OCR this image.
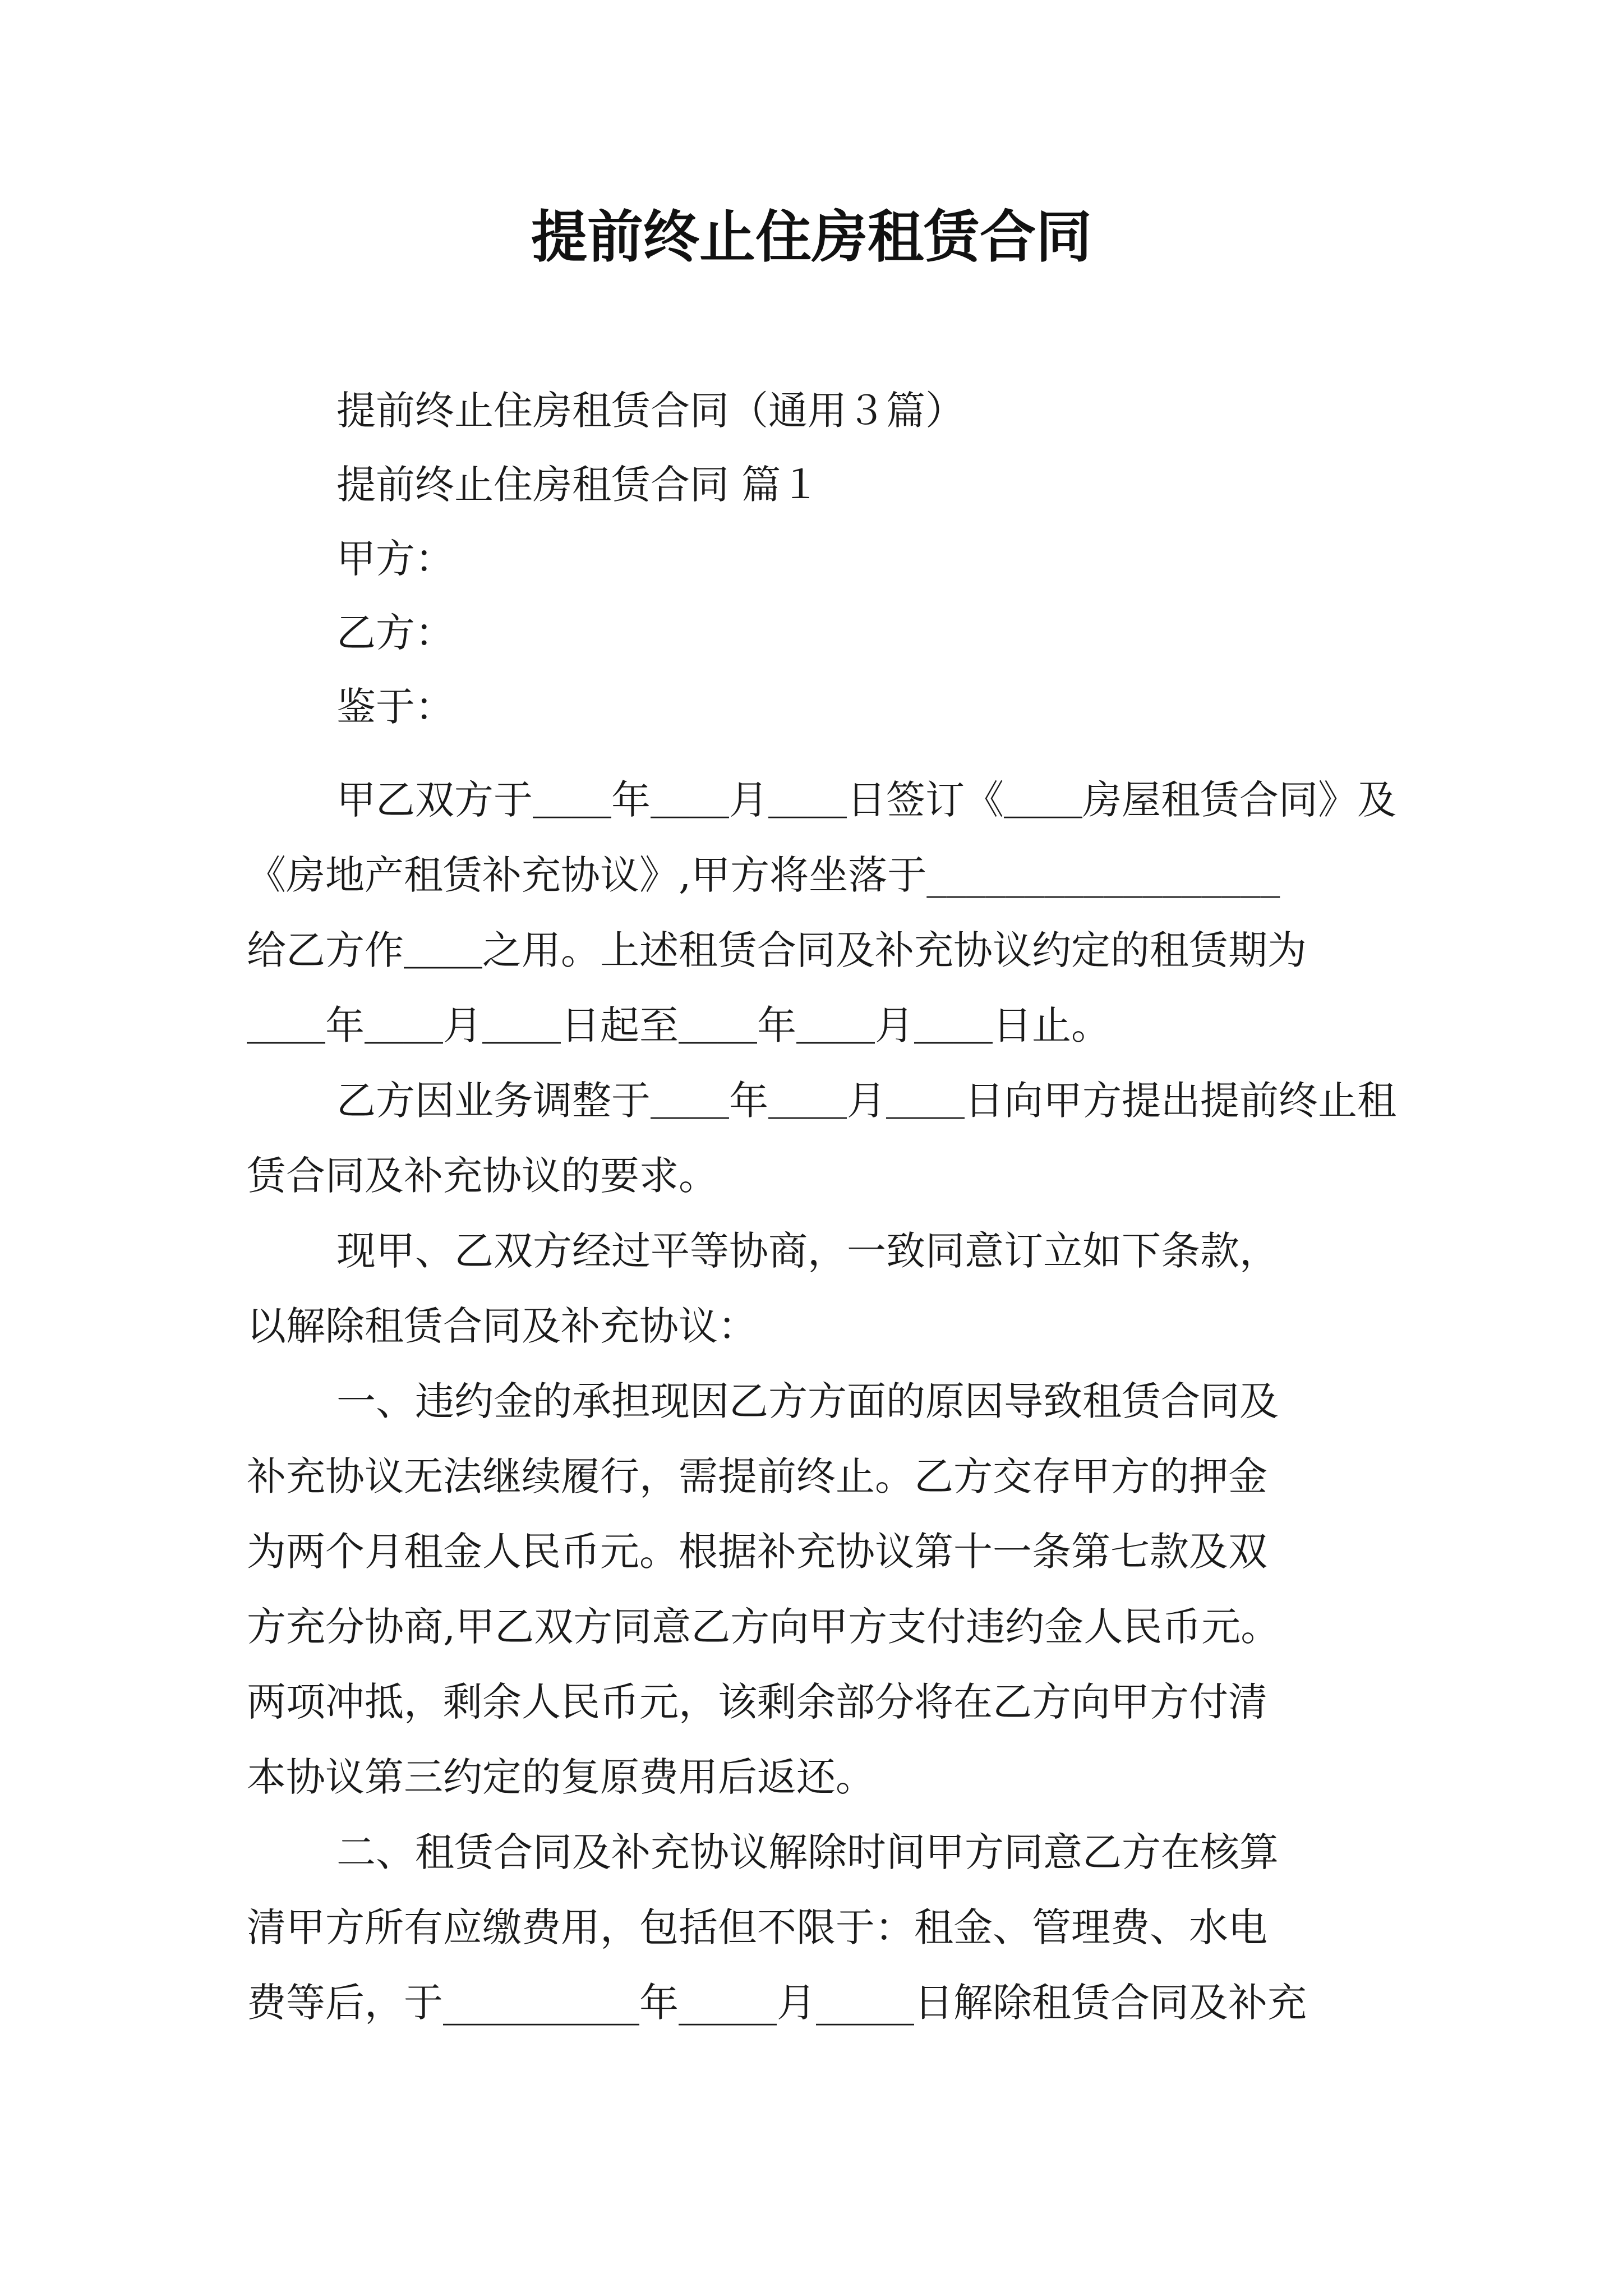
提前终止住房租赁合同
提前终止住房租赁合同（通用３篇）
提前终止住房租赁合同 篇１
甲方：
乙方：
鉴于：
甲乙双方于＿＿年＿＿月＿＿日签订《＿＿房屋租赁合同》及
《房地产租赁补充协议》,甲方将坐落于__________________
给乙方作＿＿之用。上述租赁合同及补充协议约定的租赁期为
＿＿年＿＿月＿＿日起至＿＿年＿＿月＿＿日止。
乙方因业务调整于＿＿年＿＿月＿＿日向甲方提出提前终止租
赁合同及补充协议的要求。
现甲、乙双方经过平等协商，一致同意订立如下条款，
以解除租赁合同及补充协议：
一、违约金的承担现因乙方方面的原因导致租赁合同及
补充协议无法继续履行，需提前终止。乙方交存甲方的押金
为两个月租金人民币元。根据补充协议第十一条第七款及双
方充分协商,甲乙双方同意乙方向甲方支付违约金人民币元。
两项冲抵，剩余人民币元，该剩余部分将在乙方向甲方付清
本协议第三约定的复原费用后返还。
二、租赁合同及补充协议解除时间甲方同意乙方在核算
清甲方所有应缴费用，包括但不限于：租金、管理费、水电
费等后，于__________年_____月_____日解除租赁合同及补充
